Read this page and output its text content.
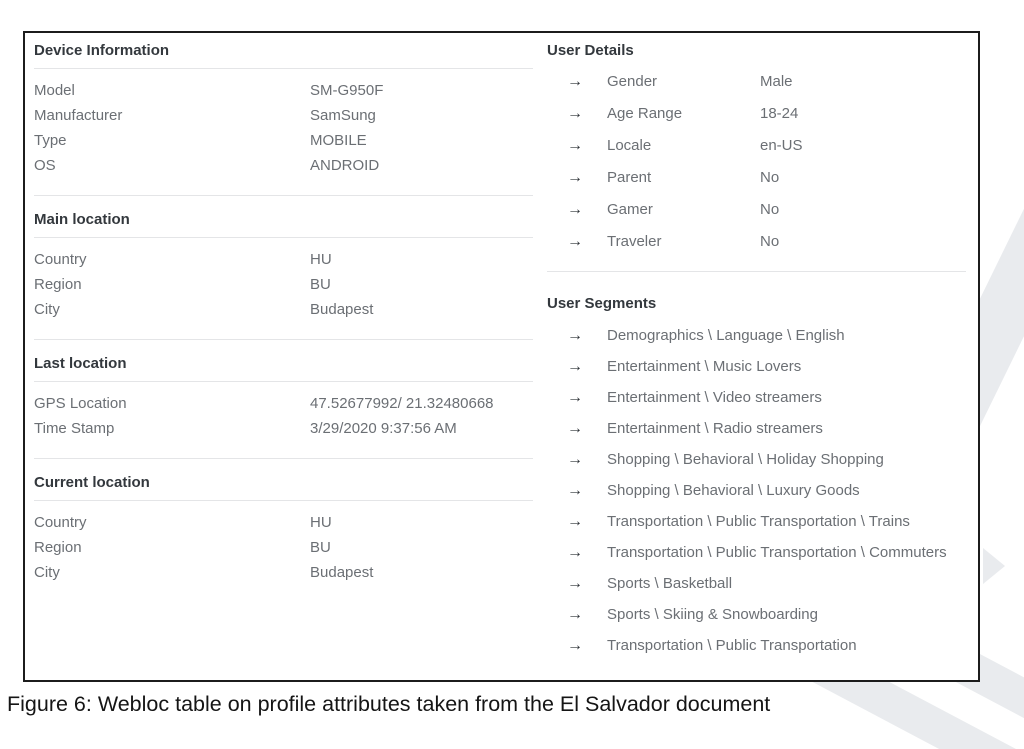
Device Information
Model	SM-G950F
Manufacturer	SamSung
Type	MOBILE
OS	ANDROID
Main location
Country	HU
Region	BU
City	Budapest
Last location
GPS Location	47.52677992/ 21.32480668
Time Stamp	3/29/2020 9:37:56 AM
Current location
Country	HU
Region	BU
City	Budapest
User Details
→	Gender	Male
→	Age Range	18-24
→	Locale	en-US
→	Parent	No
→	Gamer	No
→	Traveler	No
User Segments
→	Demographics \ Language \ English
→	Entertainment \ Music Lovers
→	Entertainment \ Video streamers
→	Entertainment \ Radio streamers
→	Shopping \ Behavioral \ Holiday Shopping
→	Shopping \ Behavioral \ Luxury Goods
→	Transportation \ Public Transportation \ Trains
→	Transportation \ Public Transportation \ Commuters
→	Sports \ Basketball
→	Sports \ Skiing & Snowboarding
→	Transportation \ Public Transportation
Figure 6: Webloc table on profile attributes taken from the El Salvador document
